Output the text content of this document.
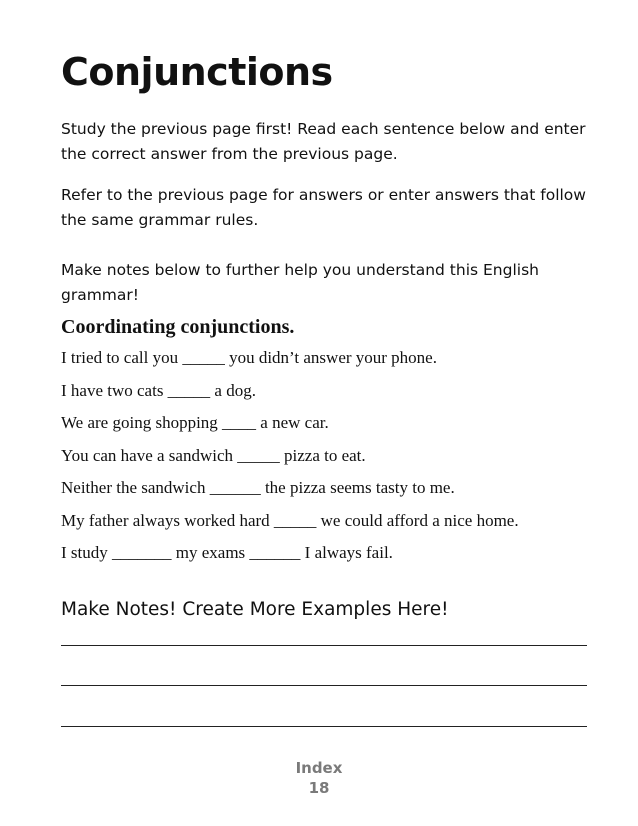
Conjunctions

Study the previous page first! Read each sentence below and enter the correct answer from the previous page.

Refer to the previous page for answers or enter answers that follow the same grammar rules.

Make notes below to further help you understand this English grammar!

Coordinating conjunctions.
I tried to call you _____ you didn’t answer your phone.
I have two cats _____ a dog.
We are going shopping ____ a new car.
You can have a sandwich _____ pizza to eat.
Neither the sandwich ______ the pizza seems tasty to me.
My father always worked hard _____ we could afford a nice home.
I study _______ my exams ______ I always fail.
Make Notes! Create More Examples Here!
Index
18
